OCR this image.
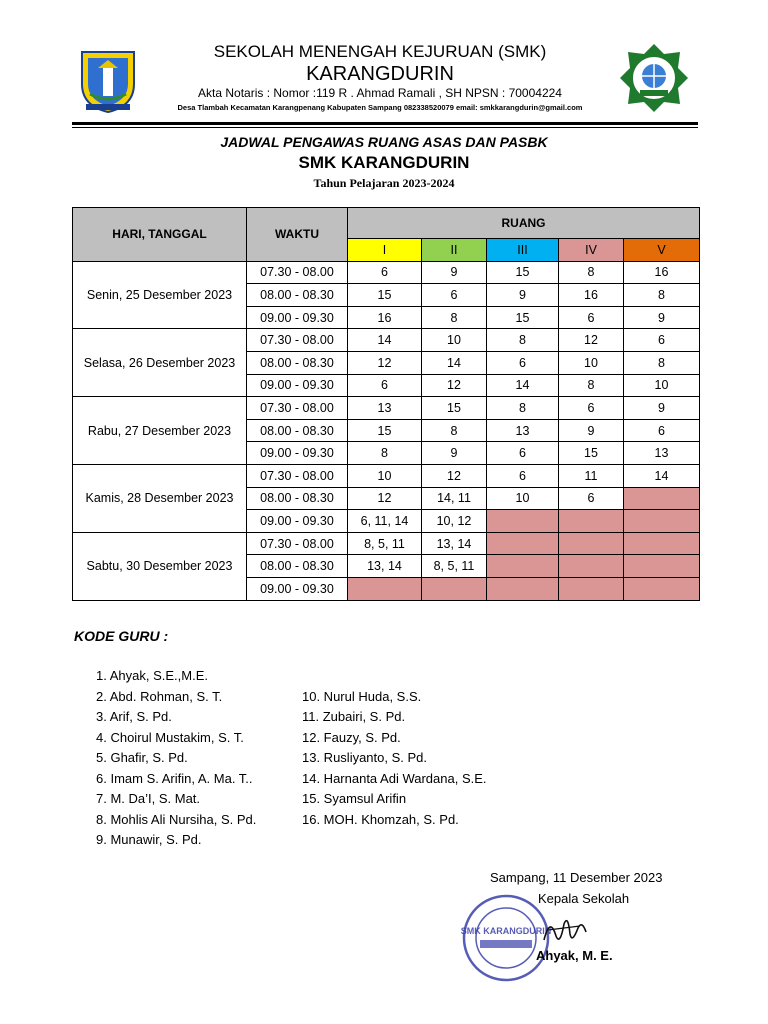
SEKOLAH MENENGAH KEJURUAN (SMK)
KARANGDURIN
Akta Notaris : Nomor :119 R . Ahmad Ramali , SH NPSN : 70004224
Desa Tlambah Kecamatan Karangpenang Kabupaten Sampang 082338520079 email: smkkarangdurin@gmail.com
JADWAL PENGAWAS RUANG ASAS DAN PASBK
SMK KARANGDURIN
Tahun Pelajaran 2023-2024
HARI, TANGGAL	WAKTU	RUANG				
		I	II	III	IV	V
Senin, 25 Desember 2023	07.30 - 08.00	6	9	15	8	16
	08.00 - 08.30	15	6	9	16	8
	09.00 - 09.30	16	8	15	6	9
Selasa, 26 Desember 2023	07.30 - 08.00	14	10	8	12	6
	08.00 - 08.30	12	14	6	10	8
	09.00 - 09.30	6	12	14	8	10
Rabu, 27 Desember 2023	07.30 - 08.00	13	15	8	6	9
	08.00 - 08.30	15	8	13	9	6
	09.00 - 09.30	8	9	6	15	13
Kamis, 28 Desember 2023	07.30 - 08.00	10	12	6	11	14
	08.00 - 08.30	12	14, 11	10	6	
	09.00 - 09.30	6, 11, 14	10, 12			
Sabtu, 30 Desember 2023	07.30 - 08.00	8, 5, 11	13, 14			
	08.00 - 08.30	13, 14	8, 5, 11			
	09.00 - 09.30					
KODE GURU :
1. Ahyak, S.E.,M.E.
2. Abd. Rohman, S. T.
3. Arif, S. Pd.
4. Choirul Mustakim, S. T.
5. Ghafir, S. Pd.
6. Imam S. Arifin, A. Ma. T..
7. M. Da’I, S. Mat.
8. Mohlis Ali Nursiha, S. Pd.
9. Munawir, S. Pd.
10. Nurul Huda, S.S.
11. Zubairi, S. Pd.
12. Fauzy, S. Pd.
13. Rusliyanto, S. Pd.
14. Harnanta Adi Wardana, S.E.
15. Syamsul Arifin
16. MOH. Khomzah, S. Pd.
Sampang, 11 Desember 2023
SMK KARANGDURIN
Kepala Sekolah
Ahyak, M. E.
